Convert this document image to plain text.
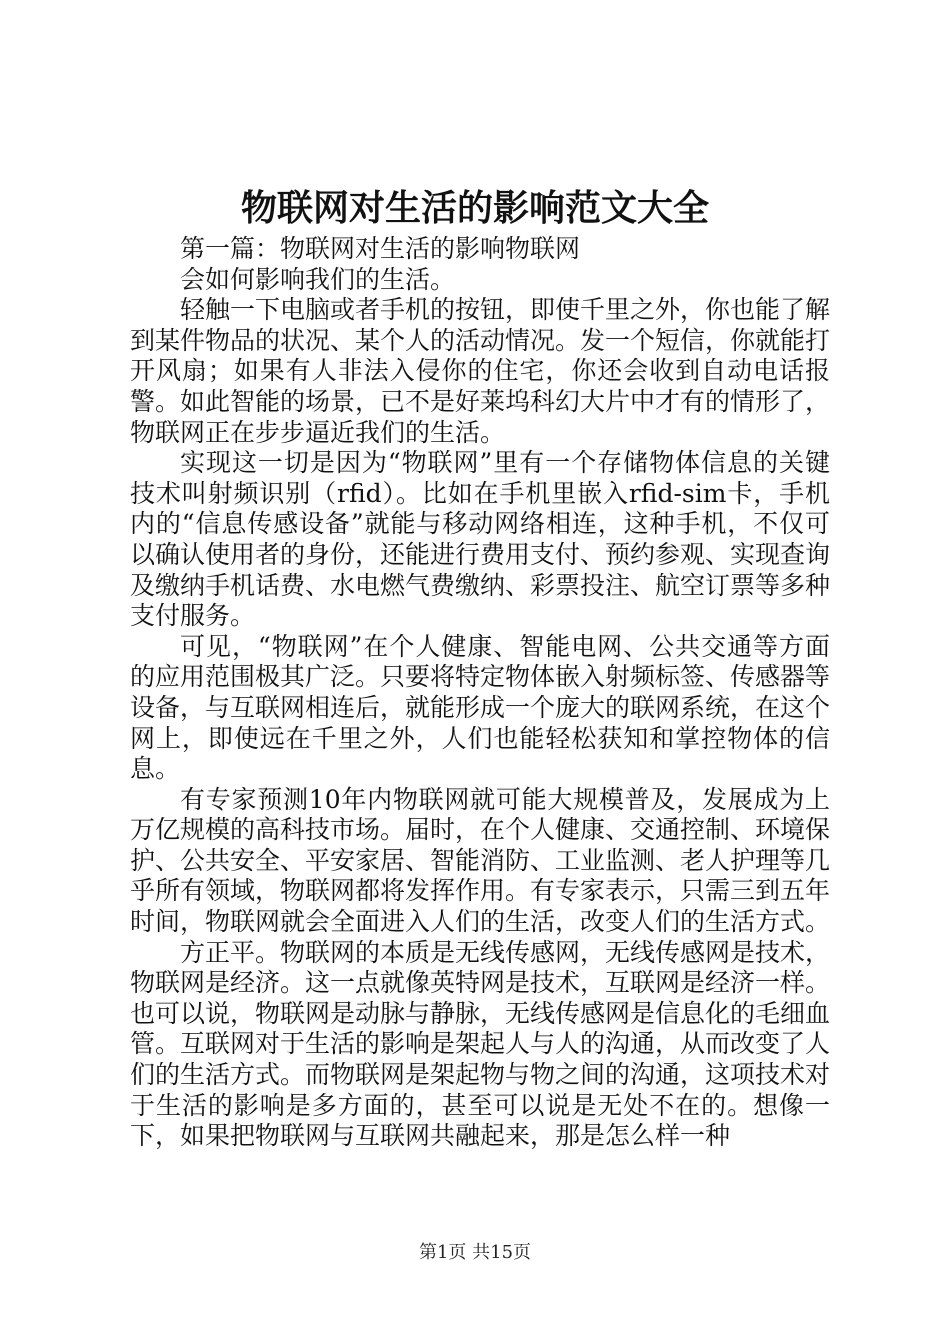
物联网对生活的影响范文大全

第一篇：物联网对生活的影响物联网

会如何影响我们的生活。

轻触一下电脑或者手机的按钮，即使千里之外，你也能了解到某件物品的状况、某个人的活动情况。发一个短信，你就能打开风扇；如果有人非法入侵你的住宅，你还会收到自动电话报警。如此智能的场景，已不是好莱坞科幻大片中才有的情形了，物联网正在步步逼近我们的生活。

实现这一切是因为“物联网”里有一个存储物体信息的关键技术叫射频识别（rfid）。比如在手机里嵌入rfid-sim卡，手机内的“信息传感设备”就能与移动网络相连，这种手机，不仅可以确认使用者的身份，还能进行费用支付、预约参观、实现查询及缴纳手机话费、水电燃气费缴纳、彩票投注、航空订票等多种支付服务。

可见，“物联网”在个人健康、智能电网、公共交通等方面的应用范围极其广泛。只要将特定物体嵌入射频标签、传感器等设备，与互联网相连后，就能形成一个庞大的联网系统，在这个网上，即使远在千里之外，人们也能轻松获知和掌控物体的信息。

有专家预测10年内物联网就可能大规模普及，发展成为上万亿规模的高科技市场。届时，在个人健康、交通控制、环境保护、公共安全、平安家居、智能消防、工业监测、老人护理等几乎所有领域，物联网都将发挥作用。有专家表示，只需三到五年时间，物联网就会全面进入人们的生活，改变人们的生活方式。

方正平。物联网的本质是无线传感网，无线传感网是技术，物联网是经济。这一点就像英特网是技术，互联网是经济一样。也可以说，物联网是动脉与静脉，无线传感网是信息化的毛细血管。互联网对于生活的影响是架起人与人的沟通，从而改变了人们的生活方式。而物联网是架起物与物之间的沟通，这项技术对于生活的影响是多方面的，甚至可以说是无处不在的。想像一下，如果把物联网与互联网共融起来，那是怎么样一种

第1页 共15页
